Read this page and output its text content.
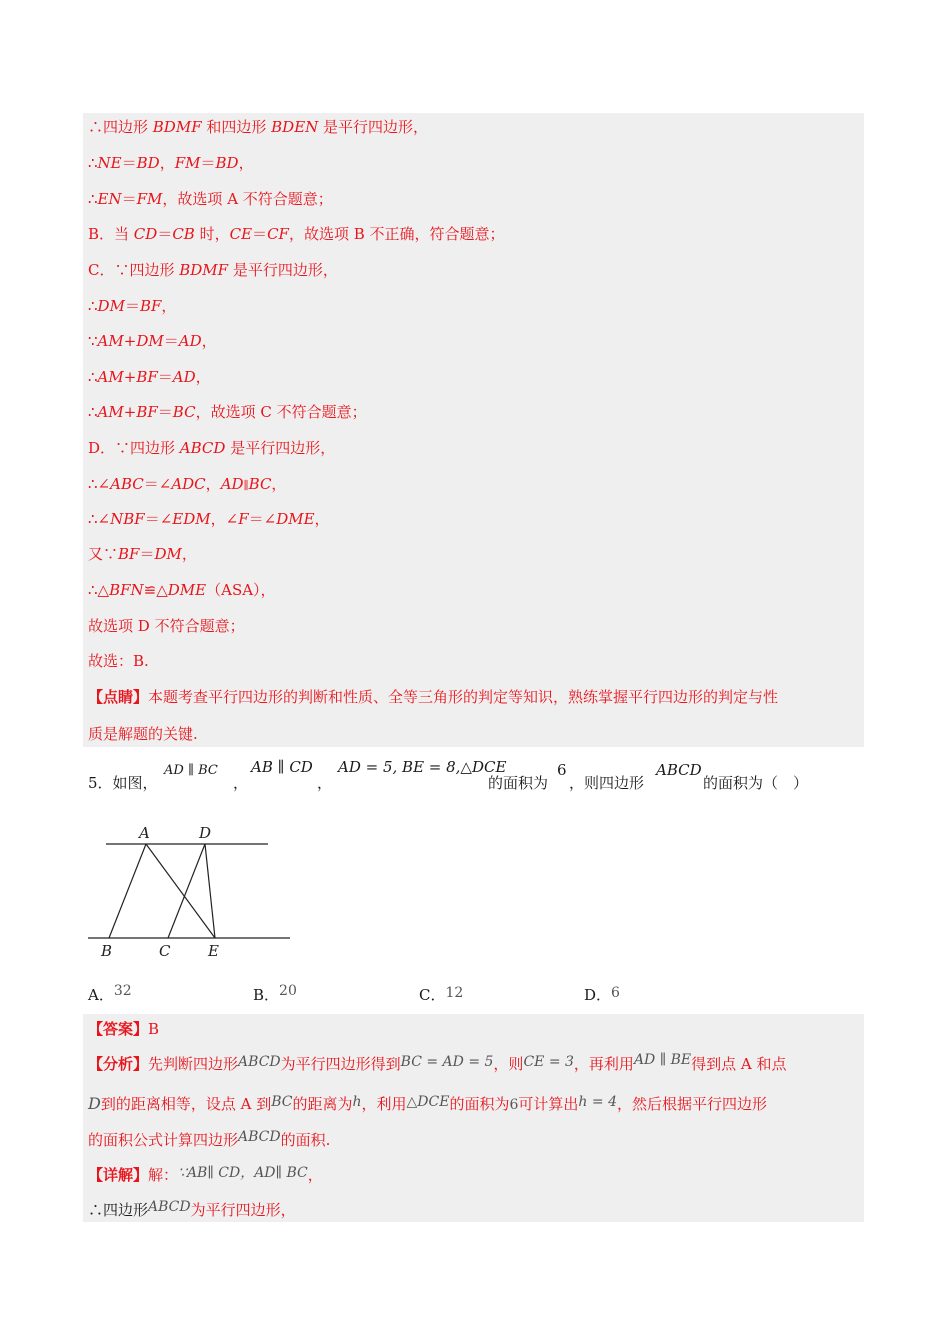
∴四边形 BDMF 和四边形 BDEN 是平行四边形，
∴NE＝BD，FM＝BD，
∴EN＝FM，故选项 A 不符合题意；
B．当 CD＝CB 时，CE＝CF，故选项 B 不正确，符合题意；
C．∵四边形 BDMF 是平行四边形，
∴DM＝BF，
∵AM+DM＝AD，
∴AM+BF＝AD，
∴AM+BF＝BC，故选项 C 不符合题意；
D．∵四边形 ABCD 是平行四边形，
∴∠ABC＝∠ADC，AD∥BC，
∴∠NBF＝∠EDM，∠F＝∠DME，
又∵BF＝DM，
∴△BFN≌△DME（ASA），
故选项 D 不符合题意；
故选：B.
【点睛】本题考查平行四边形的判断和性质、全等三角形的判定等知识，熟练掌握平行四边形的判定与性
质是解题的关键.
5．如图，
AD ∥ BC
，
AB ∥ CD
，
AD = 5, BE = 8,△DCE
的面积为
6
，则四边形
ABCD
的面积为（　）
A	D
B	C	E
A．32	B．20	C．12	D．6
【答案】B
【分析】先判断四边形ABCD为平行四边形得到BC = AD = 5，则CE = 3，再利用AD ∥ BE得到点 A 和点
D到的距离相等，设点 A 到BC的距离为h，利用△DCE的面积为6可计算出h = 4，然后根据平行四边形
的面积公式计算四边形ABCD的面积.
【详解】解：∵AB∥ CD，AD∥ BC，
∴四边形ABCD为平行四边形，
